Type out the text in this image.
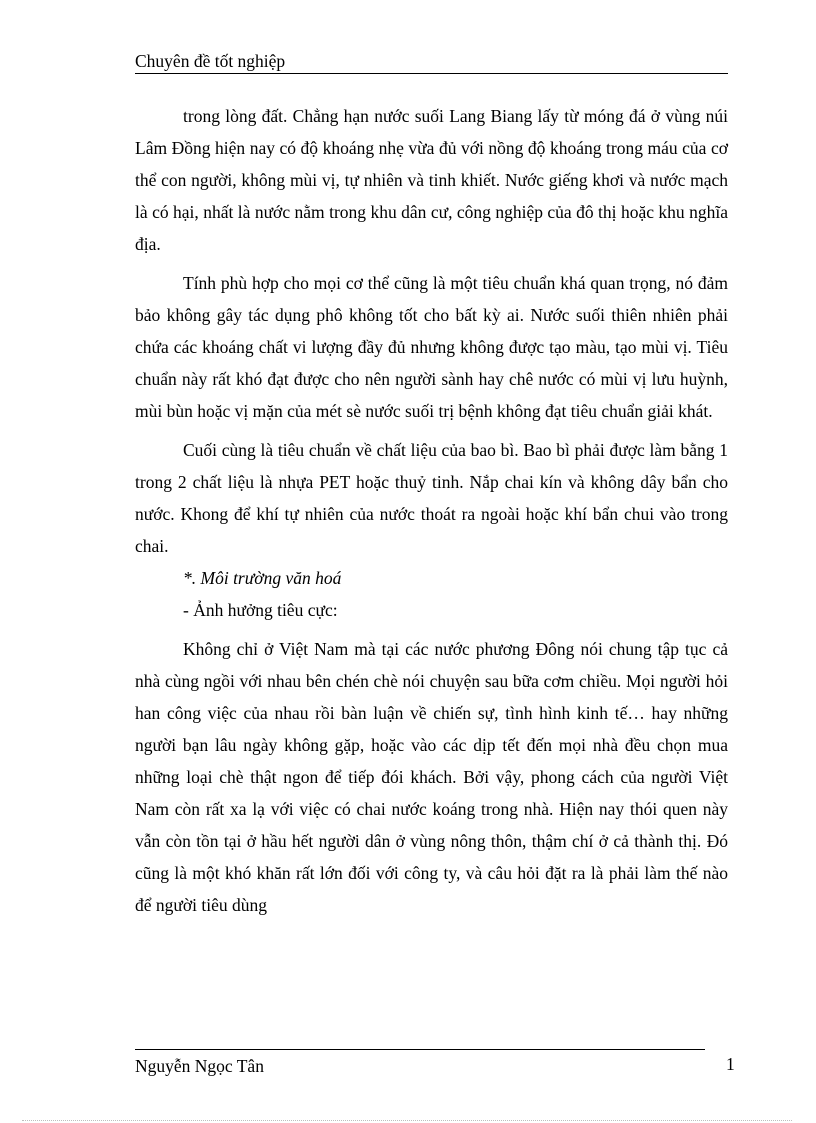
Chuyên đề tốt nghiệp

trong lòng đất. Chẳng hạn nước suối Lang Biang lấy từ móng đá ở vùng núi Lâm Đồng hiện nay có độ khoáng nhẹ vừa đủ với nồng độ khoáng trong máu của cơ thể con người, không mùi vị, tự nhiên và tinh khiết. Nước giếng khơi và nước mạch là có hại, nhất là nước nằm trong khu dân cư, công nghiệp của đô thị hoặc khu nghĩa địa.

Tính phù hợp cho mọi cơ thể cũng là một tiêu chuẩn khá quan trọng, nó đảm bảo không gây tác dụng phô không tốt cho bất kỳ ai. Nước suối thiên nhiên phải chứa các khoáng chất vi lượng đầy đủ nhưng không được tạo màu, tạo mùi vị. Tiêu chuẩn này rất khó đạt được cho nên người sành hay chê nước có mùi vị lưu huỳnh, mùi bùn hoặc vị mặn của mét sè nước suối trị bệnh không đạt tiêu chuẩn giải khát.

Cuối cùng là tiêu chuẩn về chất liệu của bao bì. Bao bì phải được làm bằng 1 trong 2 chất liệu là nhựa PET hoặc thuỷ tinh. Nắp chai kín và không dây bẩn cho nước. Khong để khí tự nhiên của nước thoát ra ngoài hoặc khí bẩn chui vào trong chai.

*. Môi trường văn hoá

- Ảnh hưởng tiêu cực:

Không chỉ ở Việt Nam mà tại các nước phương Đông nói chung tập tục cả nhà cùng ngồi với nhau bên chén chè nói chuyện sau bữa cơm chiều. Mọi người hỏi han công việc của nhau rồi bàn luận về chiến sự, tình hình kinh tế… hay những người bạn lâu ngày không gặp, hoặc vào các dịp tết đến mọi nhà đều chọn mua những loại chè thật ngon để tiếp đói khách. Bởi vậy, phong cách của người Việt Nam còn rất xa lạ với việc có chai nước koáng trong nhà. Hiện nay thói quen này vẫn còn tồn tại ở hầu hết người dân ở vùng nông thôn, thậm chí ở cả thành thị. Đó cũng là một khó khăn rất lớn đối với công ty, và câu hỏi đặt ra là phải làm thế nào để người tiêu dùng

Nguyễn Ngọc Tân	1
